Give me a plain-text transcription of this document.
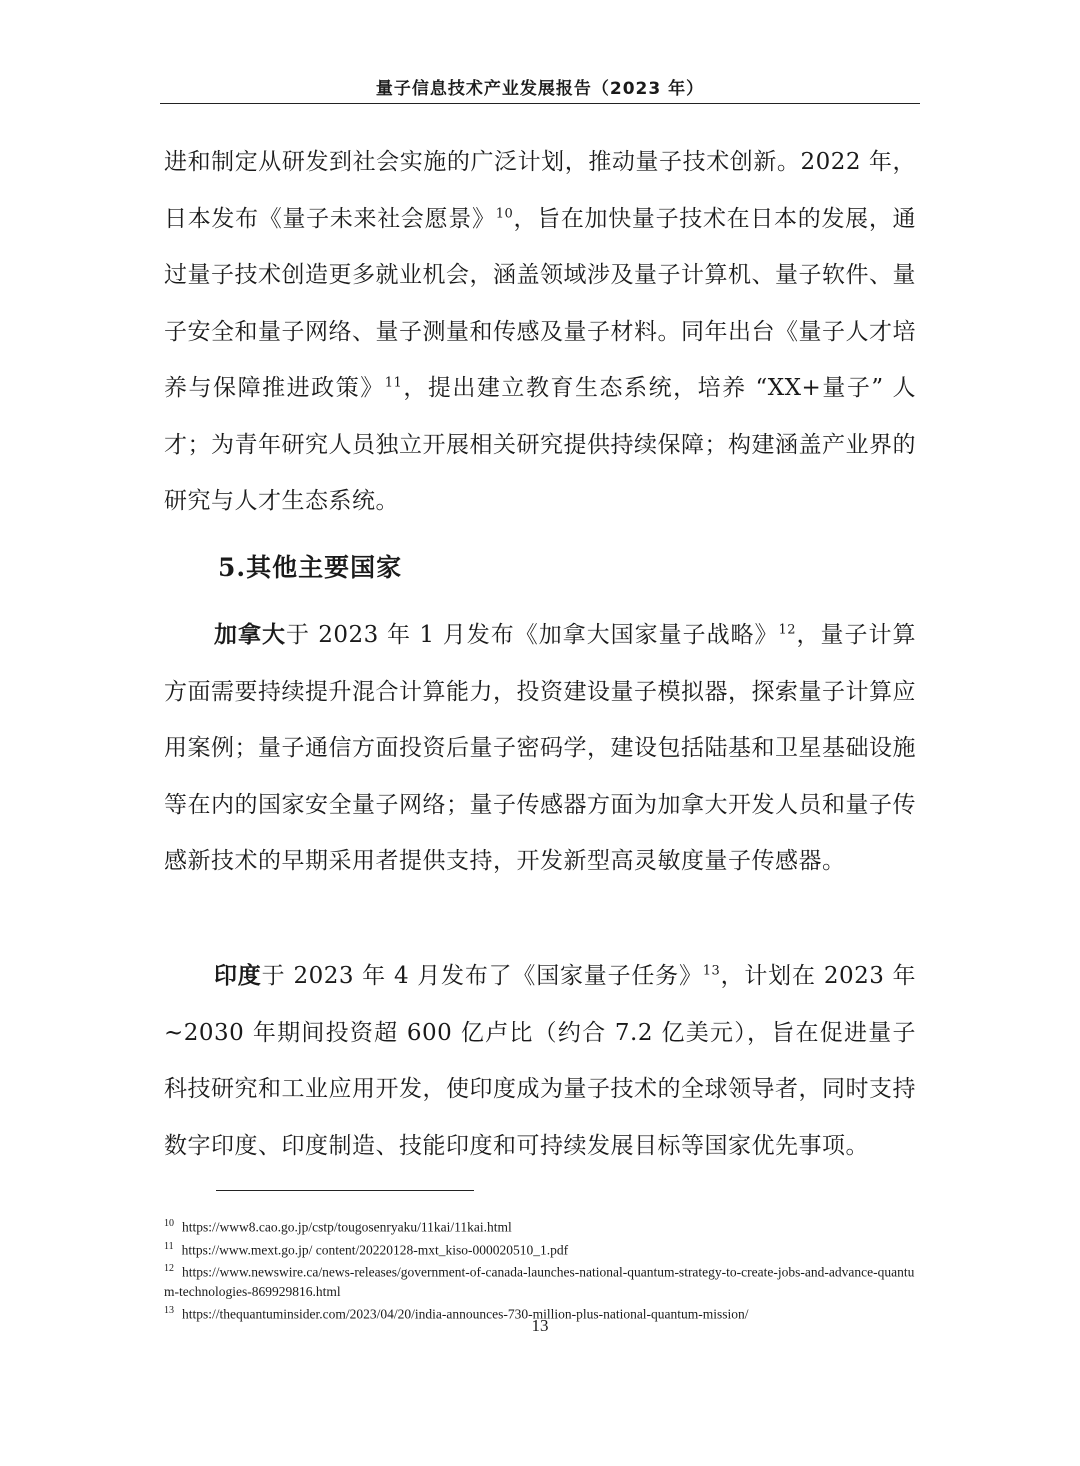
量子信息技术产业发展报告（2023 年）

进和制定从研发到社会实施的广泛计划，推动量子技术创新。2022 年，日本发布《量子未来社会愿景》$^{10}$，旨在加快量子技术在日本的发展，通过量子技术创造更多就业机会，涵盖领域涉及量子计算机、量子软件、量子安全和量子网络、量子测量和传感及量子材料。同年出台《量子人才培养与保障推进政策》$^{11}$，提出建立教育生态系统，培养 “XX+量子” 人才；为青年研究人员独立开展相关研究提供持续保障；构建涵盖产业界的研究与人才生态系统。

5.其他主要国家

加拿大于 2023 年 1 月发布《加拿大国家量子战略》$^{12}$，量子计算方面需要持续提升混合计算能力，投资建设量子模拟器，探索量子计算应用案例；量子通信方面投资后量子密码学，建设包括陆基和卫星基础设施等在内的国家安全量子网络；量子传感器方面为加拿大开发人员和量子传感新技术的早期采用者提供支持，开发新型高灵敏度量子传感器。

印度于 2023 年 4 月发布了《国家量子任务》$^{13}$，计划在 2023 年~2030 年期间投资超 600 亿卢比（约合 7.2 亿美元），旨在促进量子科技研究和工业应用开发，使印度成为量子技术的全球领导者，同时支持数字印度、印度制造、技能印度和可持续发展目标等国家优先事项。

$^{10}$ https://www8.cao.go.jp/cstp/tougosenryaku/11kai/11kai.html

$^{11}$ https://www.mext.go.jp/ content/20220128-mxt_kiso-000020510_1.pdf

$^{12}$ https://www.newswire.ca/news-releases/government-of-canada-launches-national-quantum-strategy-to-create-jobs-and-advance-quantum-technologies-869929816.html

$^{13}$ https://thequantuminsider.com/2023/04/20/india-announces-730-million-plus-national-quantum-mission/

13
